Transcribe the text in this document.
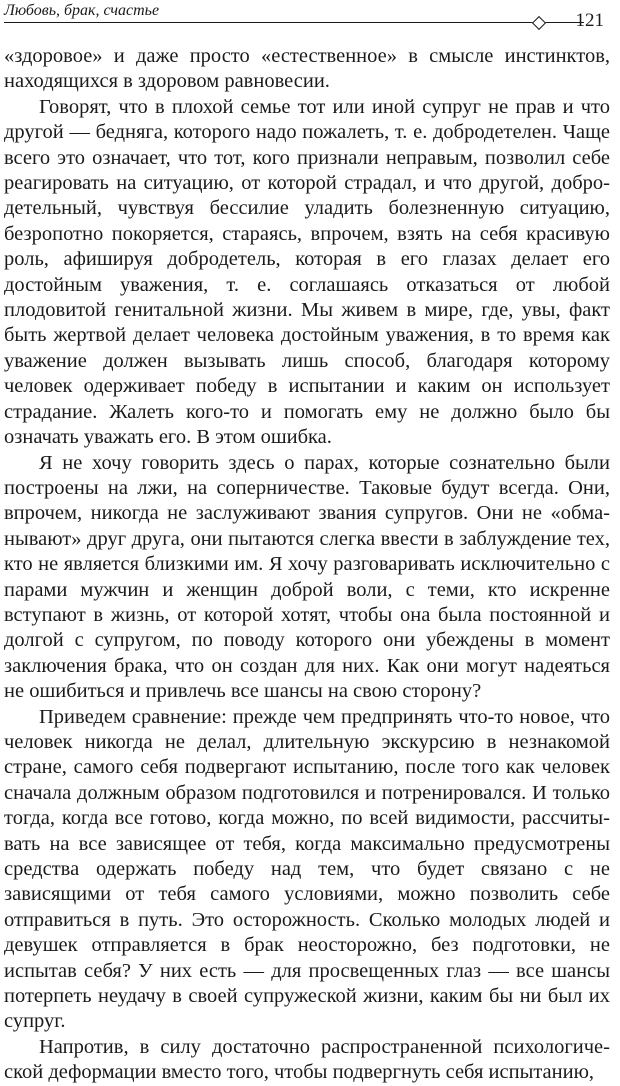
Любовь, брак, счастье	121

«здоровое» и даже просто «естественное» в смысле инстинктов, находящихся в здоровом равновесии.

Говорят, что в плохой семье тот или иной супруг не прав и что другой — бедняга, которого надо пожалеть, т. е. добродетелен. Чаще всего это означает, что тот, кого признали неправым, позволил себе реагировать на ситуацию, от которой страдал, и что другой, добродетельный, чувствуя бессилие уладить болезненную ситуацию, безропотно покоряется, стараясь, впрочем, взять на себя красивую роль, афишируя добродетель, которая в его глазах делает его достойным уважения, т. е. соглашаясь отказаться от любой плодовитой генитальной жизни. Мы живем в мире, где, увы, факт быть жертвой делает человека достойным уважения, в то время как уважение должен вызывать лишь способ, благодаря которому человек одерживает победу в испытании и каким он использует страдание. Жалеть кого-то и помогать ему не должно было бы означать уважать его. В этом ошибка.

Я не хочу говорить здесь о парах, которые сознательно были построены на лжи, на соперничестве. Таковые будут всегда. Они, впрочем, никогда не заслуживают звания супругов. Они не «обманывают» друг друга, они пытаются слегка ввести в заблуждение тех, кто не является близкими им. Я хочу разговаривать исключительно с парами мужчин и женщин доброй воли, с теми, кто искренне вступают в жизнь, от которой хотят, чтобы она была постоянной и долгой с супругом, по поводу которого они убеждены в момент заключения брака, что он создан для них. Как они могут надеяться не ошибиться и привлечь все шансы на свою сторону?

Приведем сравнение: прежде чем предпринять что-то новое, что человек никогда не делал, длительную экскурсию в незнакомой стране, самого себя подвергают испытанию, после того как человек сначала должным образом подготовился и потренировался. И только тогда, когда все готово, когда можно, по всей видимости, рассчитывать на все зависящее от тебя, когда максимально предусмотрены средства одержать победу над тем, что будет связано с не зависящими от тебя самого условиями, можно позволить себе отправиться в путь. Это осторожность. Сколько молодых людей и девушек отправляется в брак неосторожно, без подготовки, не испытав себя? У них есть — для просвещенных глаз — все шансы потерпеть неудачу в своей супружеской жизни, каким бы ни был их супруг.

Напротив, в силу достаточно распространенной психологической деформации вместо того, чтобы подвергнуть себя испытанию,
